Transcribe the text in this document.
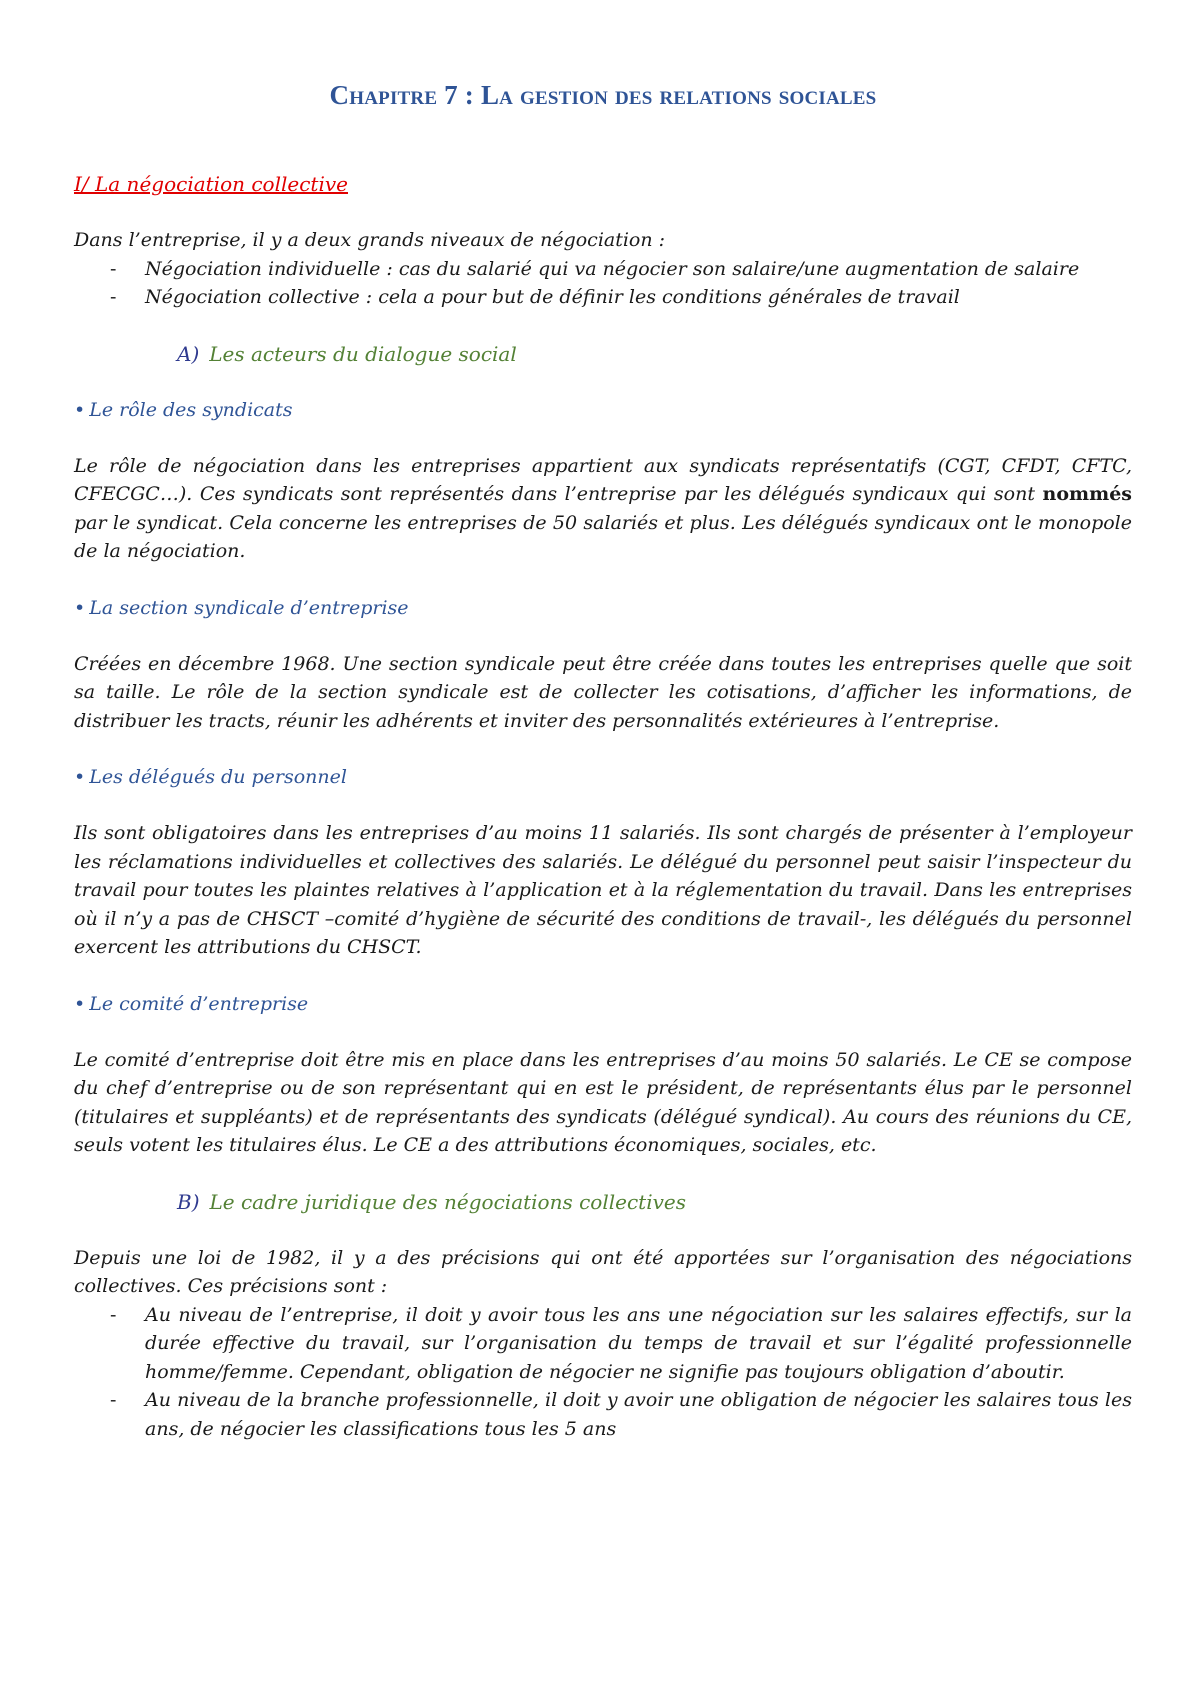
Chapitre 7 : La gestion des relations sociales
I/ La négociation collective

Dans l’entreprise, il y a deux grands niveaux de négociation :

- Négociation individuelle : cas du salarié qui va négocier son salaire/une augmentation de salaire
- Négociation collective : cela a pour but de définir les conditions générales de travail
A) Les acteurs du dialogue social
• Le rôle des syndicats

Le rôle de négociation dans les entreprises appartient aux syndicats représentatifs (CGT, CFDT, CFTC, CFECGC…). Ces syndicats sont représentés dans l’entreprise par les délégués syndicaux qui sont nommés par le syndicat. Cela concerne les entreprises de 50 salariés et plus. Les délégués syndicaux ont le monopole de la négociation.

• La section syndicale d’entreprise

Créées en décembre 1968. Une section syndicale peut être créée dans toutes les entreprises quelle que soit sa taille. Le rôle de la section syndicale est de collecter les cotisations, d’afficher les informations, de distribuer les tracts, réunir les adhérents et inviter des personnalités extérieures à l’entreprise.

• Les délégués du personnel

Ils sont obligatoires dans les entreprises d’au moins 11 salariés. Ils sont chargés de présenter à l’employeur les réclamations individuelles et collectives des salariés. Le délégué du personnel peut saisir l’inspecteur du travail pour toutes les plaintes relatives à l’application et à la réglementation du travail. Dans les entreprises où il n’y a pas de CHSCT –comité d’hygiène de sécurité des conditions de travail-, les délégués du personnel exercent les attributions du CHSCT.

• Le comité d’entreprise

Le comité d’entreprise doit être mis en place dans les entreprises d’au moins 50 salariés. Le CE se compose du chef d’entreprise ou de son représentant qui en est le président, de représentants élus par le personnel (titulaires et suppléants) et de représentants des syndicats (délégué syndical). Au cours des réunions du CE, seuls votent les titulaires élus. Le CE a des attributions économiques, sociales, etc.

B) Le cadre juridique des négociations collectives

Depuis une loi de 1982, il y a des précisions qui ont été apportées sur l’organisation des négociations collectives. Ces précisions sont :

- Au niveau de l’entreprise, il doit y avoir tous les ans une négociation sur les salaires effectifs, sur la durée effective du travail, sur l’organisation du temps de travail et sur l’égalité professionnelle homme/femme. Cependant, obligation de négocier ne signifie pas toujours obligation d’aboutir.
- Au niveau de la branche professionnelle, il doit y avoir une obligation de négocier les salaires tous les ans, de négocier les classifications tous les 5 ans
